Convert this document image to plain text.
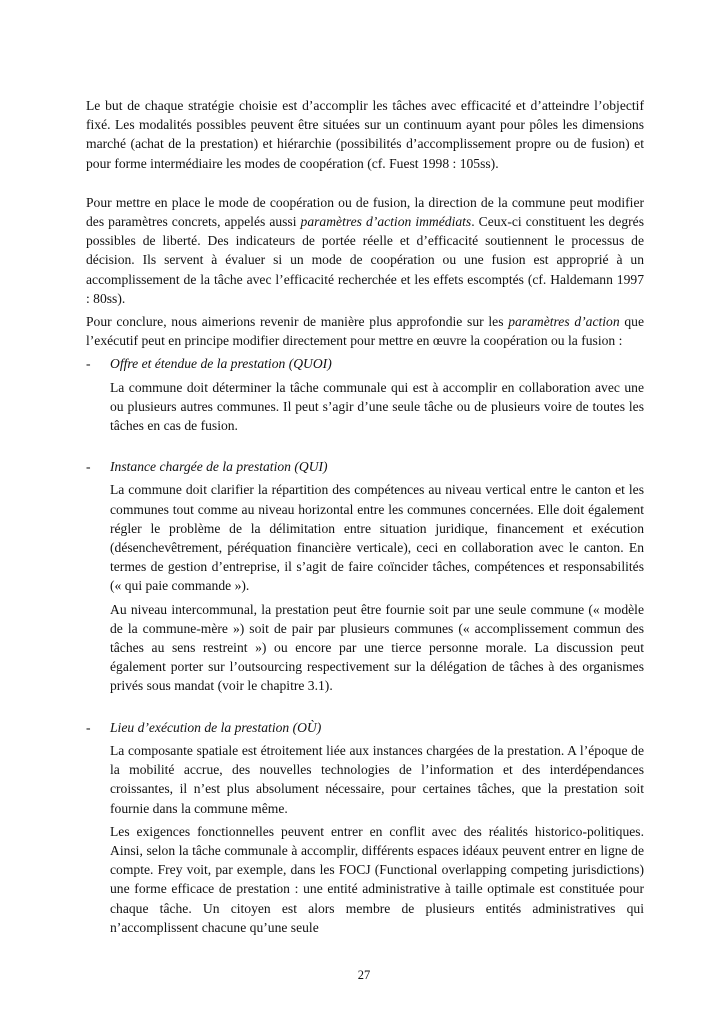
Le but de chaque stratégie choisie est d’accomplir les tâches avec efficacité et d’atteindre l’objectif fixé. Les modalités possibles peuvent être situées sur un continuum ayant pour pôles les dimensions marché (achat de la prestation) et hiérarchie (possibilités d’accomplissement propre ou de fusion) et pour forme intermédiaire les modes de coopération (cf. Fuest 1998 : 105ss).

Pour mettre en place le mode de coopération ou de fusion, la direction de la commune peut modifier des paramètres concrets, appelés aussi paramètres d’action immédiats. Ceux-ci constituent les degrés possibles de liberté. Des indicateurs de portée réelle et d’efficacité soutiennent le processus de décision. Ils servent à évaluer si un mode de coopération ou une fusion est approprié à un accomplissement de la tâche avec l’efficacité recherchée et les effets escomptés (cf. Haldemann 1997 : 80ss).

Pour conclure, nous aimerions revenir de manière plus approfondie sur les paramètres d’action que l’exécutif peut en principe modifier directement pour mettre en œuvre la coopération ou la fusion :

- Offre et étendue de la prestation (QUOI)

La commune doit déterminer la tâche communale qui est à accomplir en collaboration avec une ou plusieurs autres communes. Il peut s’agir d’une seule tâche ou de plusieurs voire de toutes les tâches en cas de fusion.

- Instance chargée de la prestation (QUI)

La commune doit clarifier la répartition des compétences au niveau vertical entre le canton et les communes tout comme au niveau horizontal entre les communes concernées. Elle doit également régler le problème de la délimitation entre situation juridique, financement et exécution (désenchevêtrement, péréquation financière verticale), ceci en collaboration avec le canton. En termes de gestion d’entreprise, il s’agit de faire coïncider tâches, compétences et responsabilités (« qui paie commande »).

Au niveau intercommunal, la prestation peut être fournie soit par une seule commune (« modèle de la commune-mère ») soit de pair par plusieurs communes (« accomplissement commun des tâches au sens restreint ») ou encore par une tierce personne morale. La discussion peut également porter sur l’outsourcing respectivement sur la délégation de tâches à des organismes privés sous mandat (voir le chapitre 3.1).

- Lieu d’exécution de la prestation (OÙ)

La composante spatiale est étroitement liée aux instances chargées de la prestation. A l’époque de la mobilité accrue, des nouvelles technologies de l’information et des interdépendances croissantes, il n’est plus absolument nécessaire, pour certaines tâches, que la prestation soit fournie dans la commune même.

Les exigences fonctionnelles peuvent entrer en conflit avec des réalités historico-politiques. Ainsi, selon la tâche communale à accomplir, différents espaces idéaux peuvent entrer en ligne de compte. Frey voit, par exemple, dans les FOCJ (Functional overlapping competing jurisdictions) une forme efficace de prestation : une entité administrative à taille optimale est constituée pour chaque tâche. Un citoyen est alors membre de plusieurs entités administratives qui n’accomplissent chacune qu’une seule

27
